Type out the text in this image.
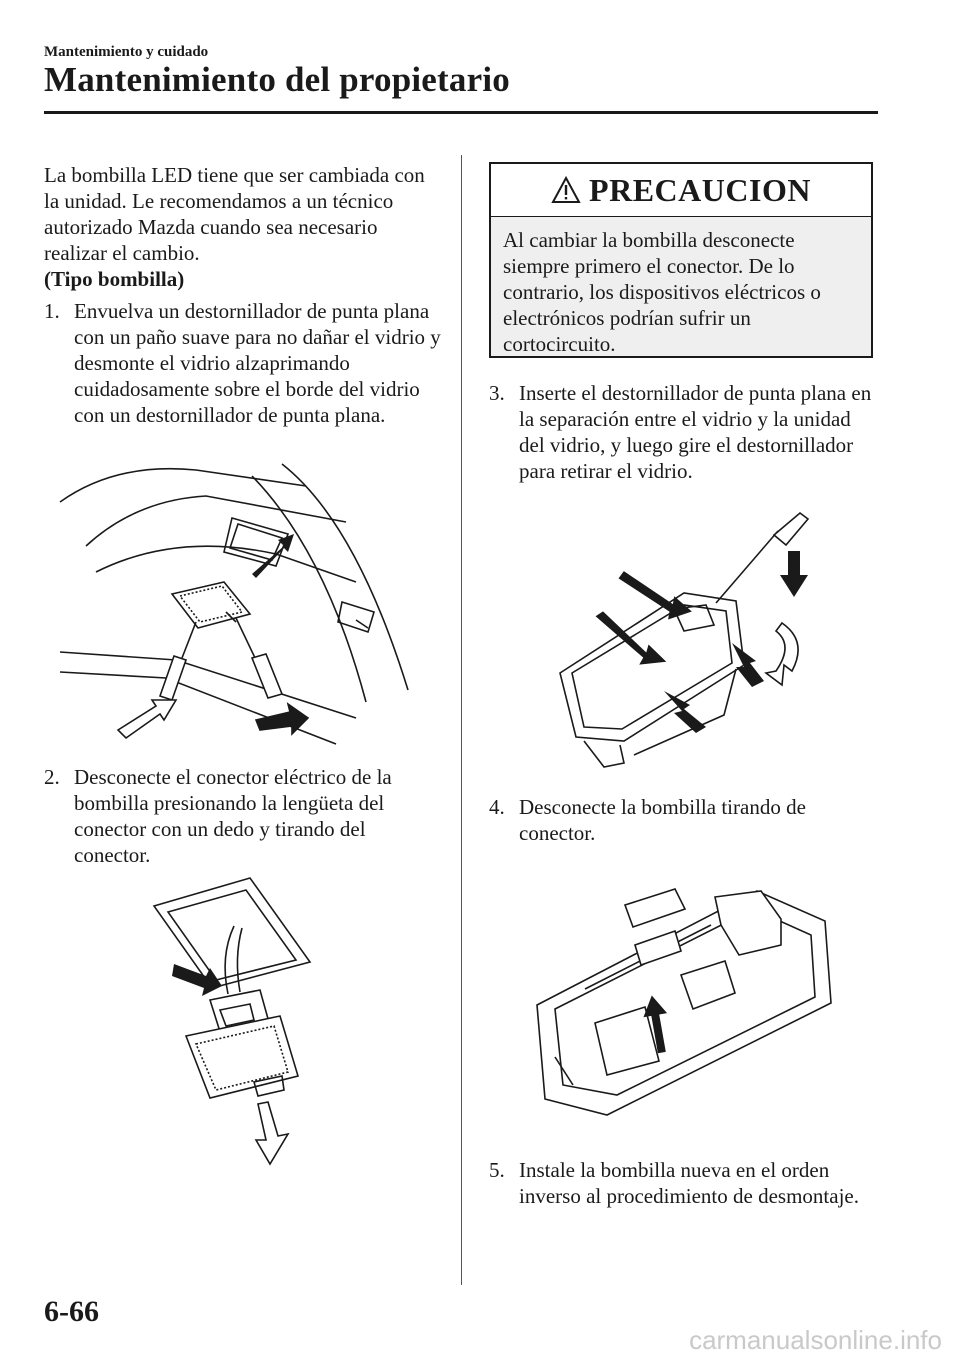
Mantenimiento y cuidado
Mantenimiento del propietario

La bombilla LED tiene que ser cambiada con la unidad. Le recomendamos a un técnico autorizado Mazda cuando sea necesario realizar el cambio.

(Tipo bombilla)

1. Envuelva un destornillador de punta plana con un paño suave para no dañar el vidrio y desmonte el vidrio alzaprimando cuidadosamente sobre el borde del vidrio con un destornillador de punta plana.

2. Desconecte el conector eléctrico de la bombilla presionando la lengüeta del conector con un dedo y tirando del conector.

PRECAUCION
Al cambiar la bombilla desconecte siempre primero el conector. De lo contrario, los dispositivos eléctricos o electrónicos podrían sufrir un cortocircuito.

3. Inserte el destornillador de punta plana en la separación entre el vidrio y la unidad del vidrio, y luego gire el destornillador para retirar el vidrio.

4. Desconecte la bombilla tirando de conector.

5. Instale la bombilla nueva en el orden inverso al procedimiento de desmontaje.

6-66
carmanualsonline.info
